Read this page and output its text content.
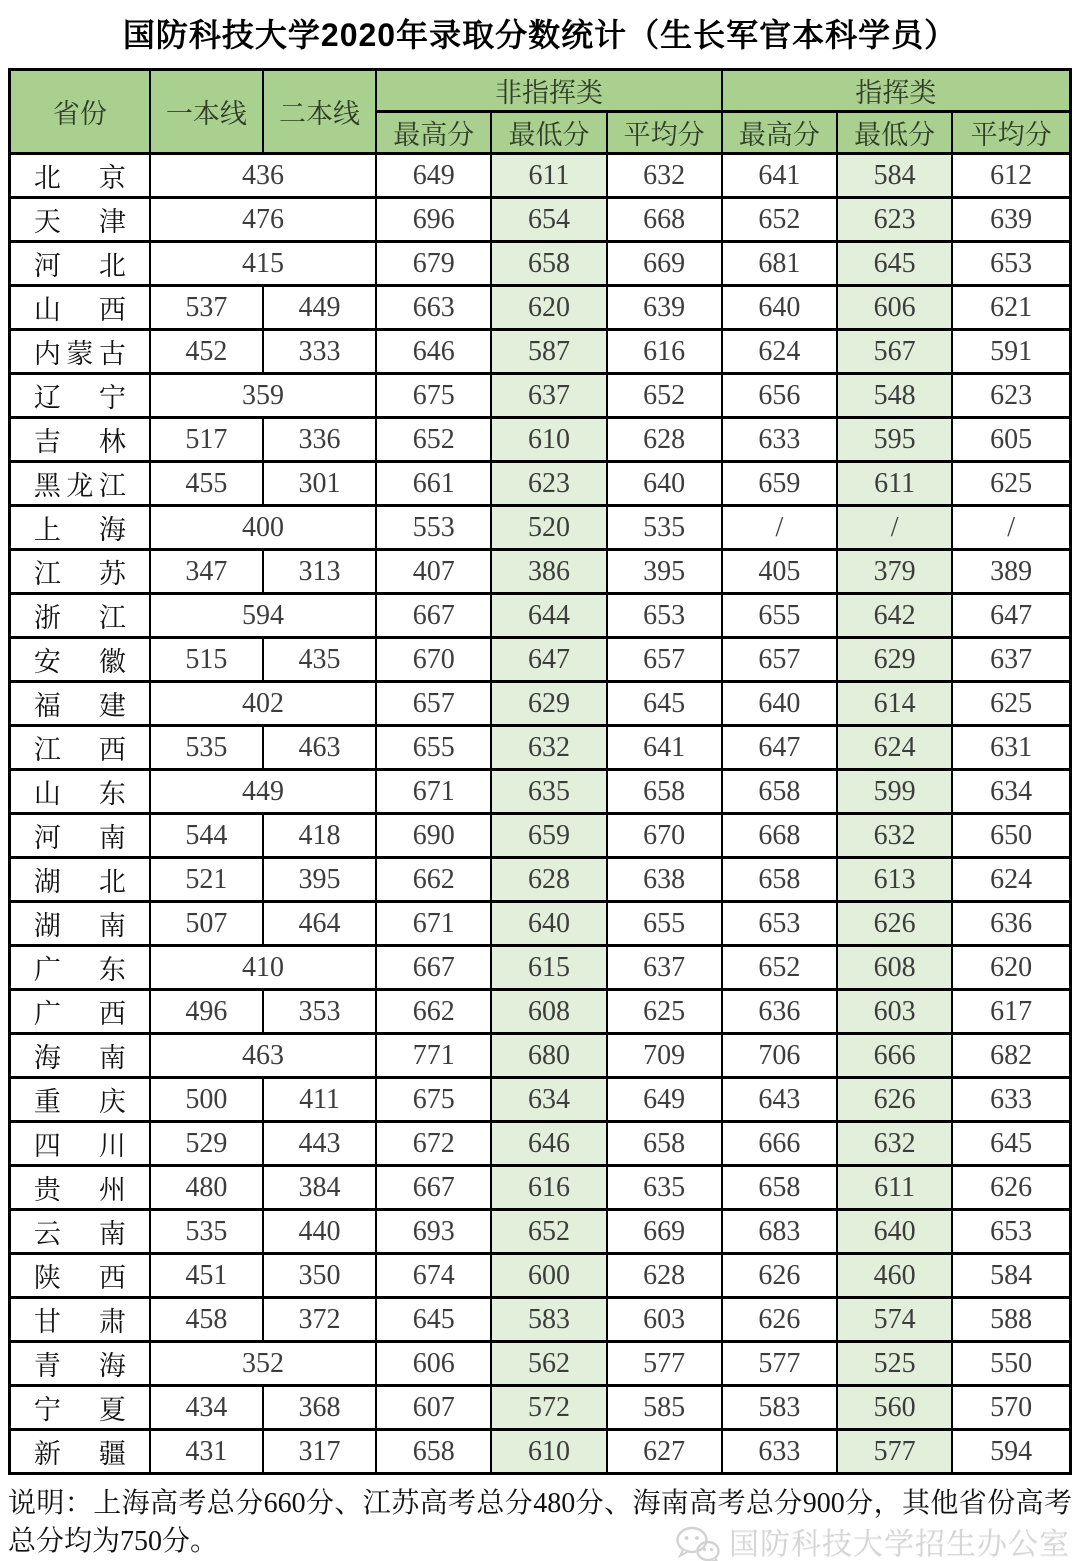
国防科技大学2020年录取分数统计（生长军官本科学员）
省份	一本线	二本线	非指挥类			指挥类		
			最高分	最低分	平均分	最高分	最低分	平均分
北京	436		649	611	632	641	584	612
天津	476		696	654	668	652	623	639
河北	415		679	658	669	681	645	653
山西	537	449	663	620	639	640	606	621
内蒙古	452	333	646	587	616	624	567	591
辽宁	359		675	637	652	656	548	623
吉林	517	336	652	610	628	633	595	605
黑龙江	455	301	661	623	640	659	611	625
上海	400		553	520	535	/	/	/
江苏	347	313	407	386	395	405	379	389
浙江	594		667	644	653	655	642	647
安徽	515	435	670	647	657	657	629	637
福建	402		657	629	645	640	614	625
江西	535	463	655	632	641	647	624	631
山东	449		671	635	658	658	599	634
河南	544	418	690	659	670	668	632	650
湖北	521	395	662	628	638	658	613	624
湖南	507	464	671	640	655	653	626	636
广东	410		667	615	637	652	608	620
广西	496	353	662	608	625	636	603	617
海南	463		771	680	709	706	666	682
重庆	500	411	675	634	649	643	626	633
四川	529	443	672	646	658	666	632	645
贵州	480	384	667	616	635	658	611	626
云南	535	440	693	652	669	683	640	653
陕西	451	350	674	600	628	626	460	584
甘肃	458	372	645	583	603	626	574	588
青海	352		606	562	577	577	525	550
宁夏	434	368	607	572	585	583	560	570
新疆	431	317	658	610	627	633	577	594
说明：上海高考总分660分、江苏高考总分480分、海南高考总分900分，其他省份高考总分均为750分。	国防科技大学招生办公室
